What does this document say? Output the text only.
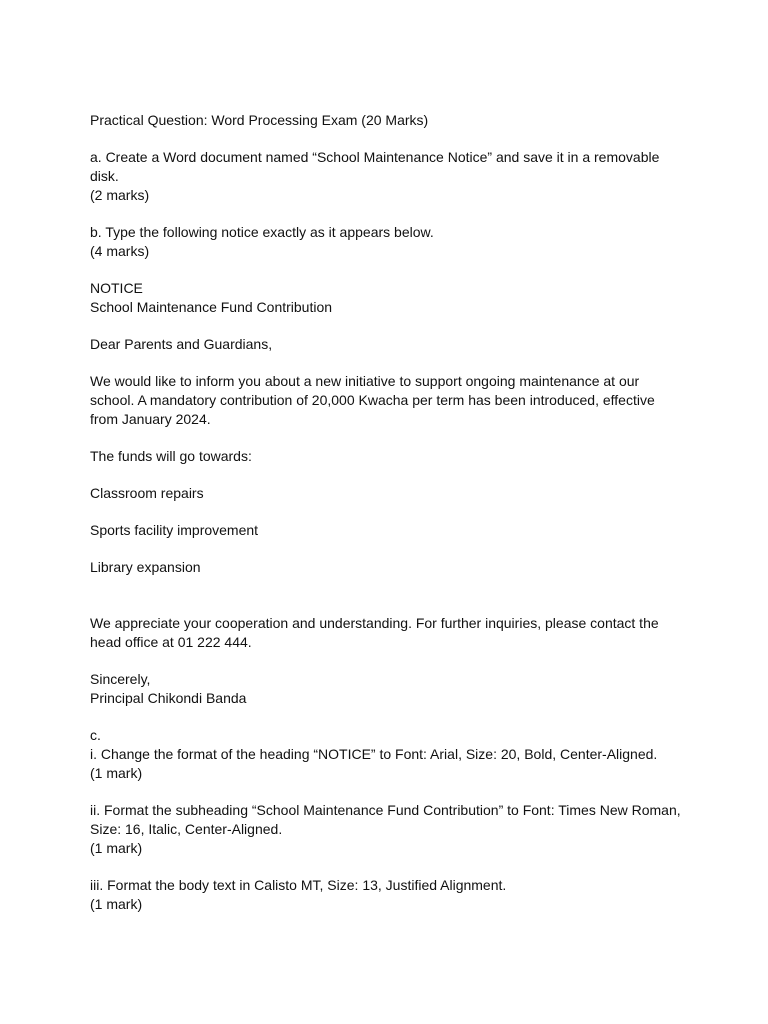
Practical Question: Word Processing Exam (20 Marks)

a. Create a Word document named “School Maintenance Notice” and save it in a removable

disk.

(2 marks)

b. Type the following notice exactly as it appears below.

(4 marks)

NOTICE

School Maintenance Fund Contribution

Dear Parents and Guardians,

We would like to inform you about a new initiative to support ongoing maintenance at our

school. A mandatory contribution of 20,000 Kwacha per term has been introduced, effective

from January 2024.

The funds will go towards:

Classroom repairs

Sports facility improvement

Library expansion

We appreciate your cooperation and understanding. For further inquiries, please contact the

head office at 01 222 444.

Sincerely,

Principal Chikondi Banda

c.

i. Change the format of the heading “NOTICE” to Font: Arial, Size: 20, Bold, Center-Aligned.

(1 mark)

ii. Format the subheading “School Maintenance Fund Contribution” to Font: Times New Roman,

Size: 16, Italic, Center-Aligned.

(1 mark)

iii. Format the body text in Calisto MT, Size: 13, Justified Alignment.

(1 mark)
